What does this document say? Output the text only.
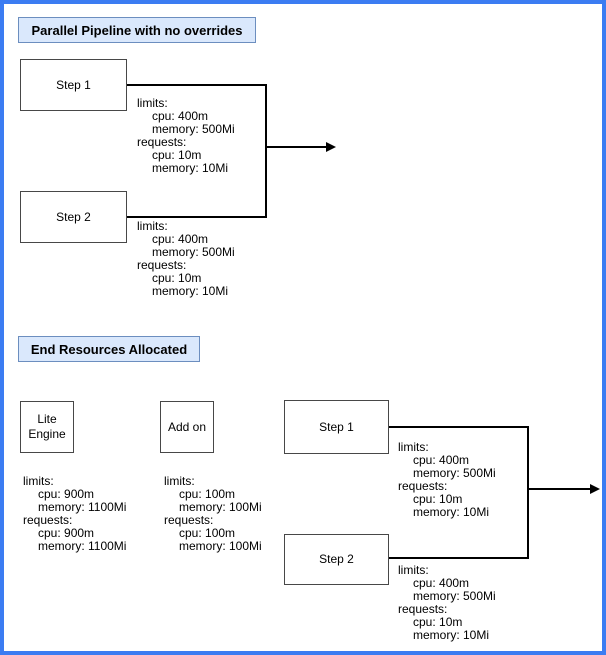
Parallel Pipeline with no overrides
Step 1
Step 2
limits:
cpu: 400m
memory: 500Mi
requests:
cpu: 10m
memory: 10Mi
limits:
cpu: 400m
memory: 500Mi
requests:
cpu: 10m
memory: 10Mi
End Resources Allocated
Lite Engine
Add on
limits:
cpu: 900m
memory: 1100Mi
requests:
cpu: 900m
memory: 1100Mi
limits:
cpu: 100m
memory: 100Mi
requests:
cpu: 100m
memory: 100Mi
Step 1
Step 2
limits:
cpu: 400m
memory: 500Mi
requests:
cpu: 10m
memory: 10Mi
limits:
cpu: 400m
memory: 500Mi
requests:
cpu: 10m
memory: 10Mi
